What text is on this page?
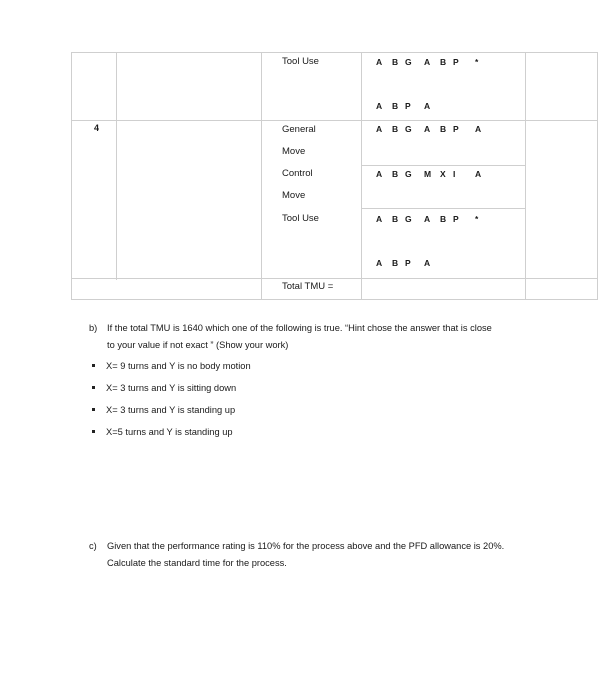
4
Tool Use
General
Move
Control
Move
Tool Use
Total TMU =
A B G A B P *
A B P A
A B G A B P A
A B G M X I A
A B G A B P *
A B P A
b) If the total TMU is 1640 which one of the following is true. “Hint chose the answer that is close
to your value if not exact ” (Show your work)
X= 9 turns and Y is no body motion
X= 3 turns and Y is sitting down
X= 3 turns and Y is standing up
X=5 turns and Y is standing up
c) Given that the performance rating is 110% for the process above and the PFD allowance is 20%.
Calculate the standard time for the process.
